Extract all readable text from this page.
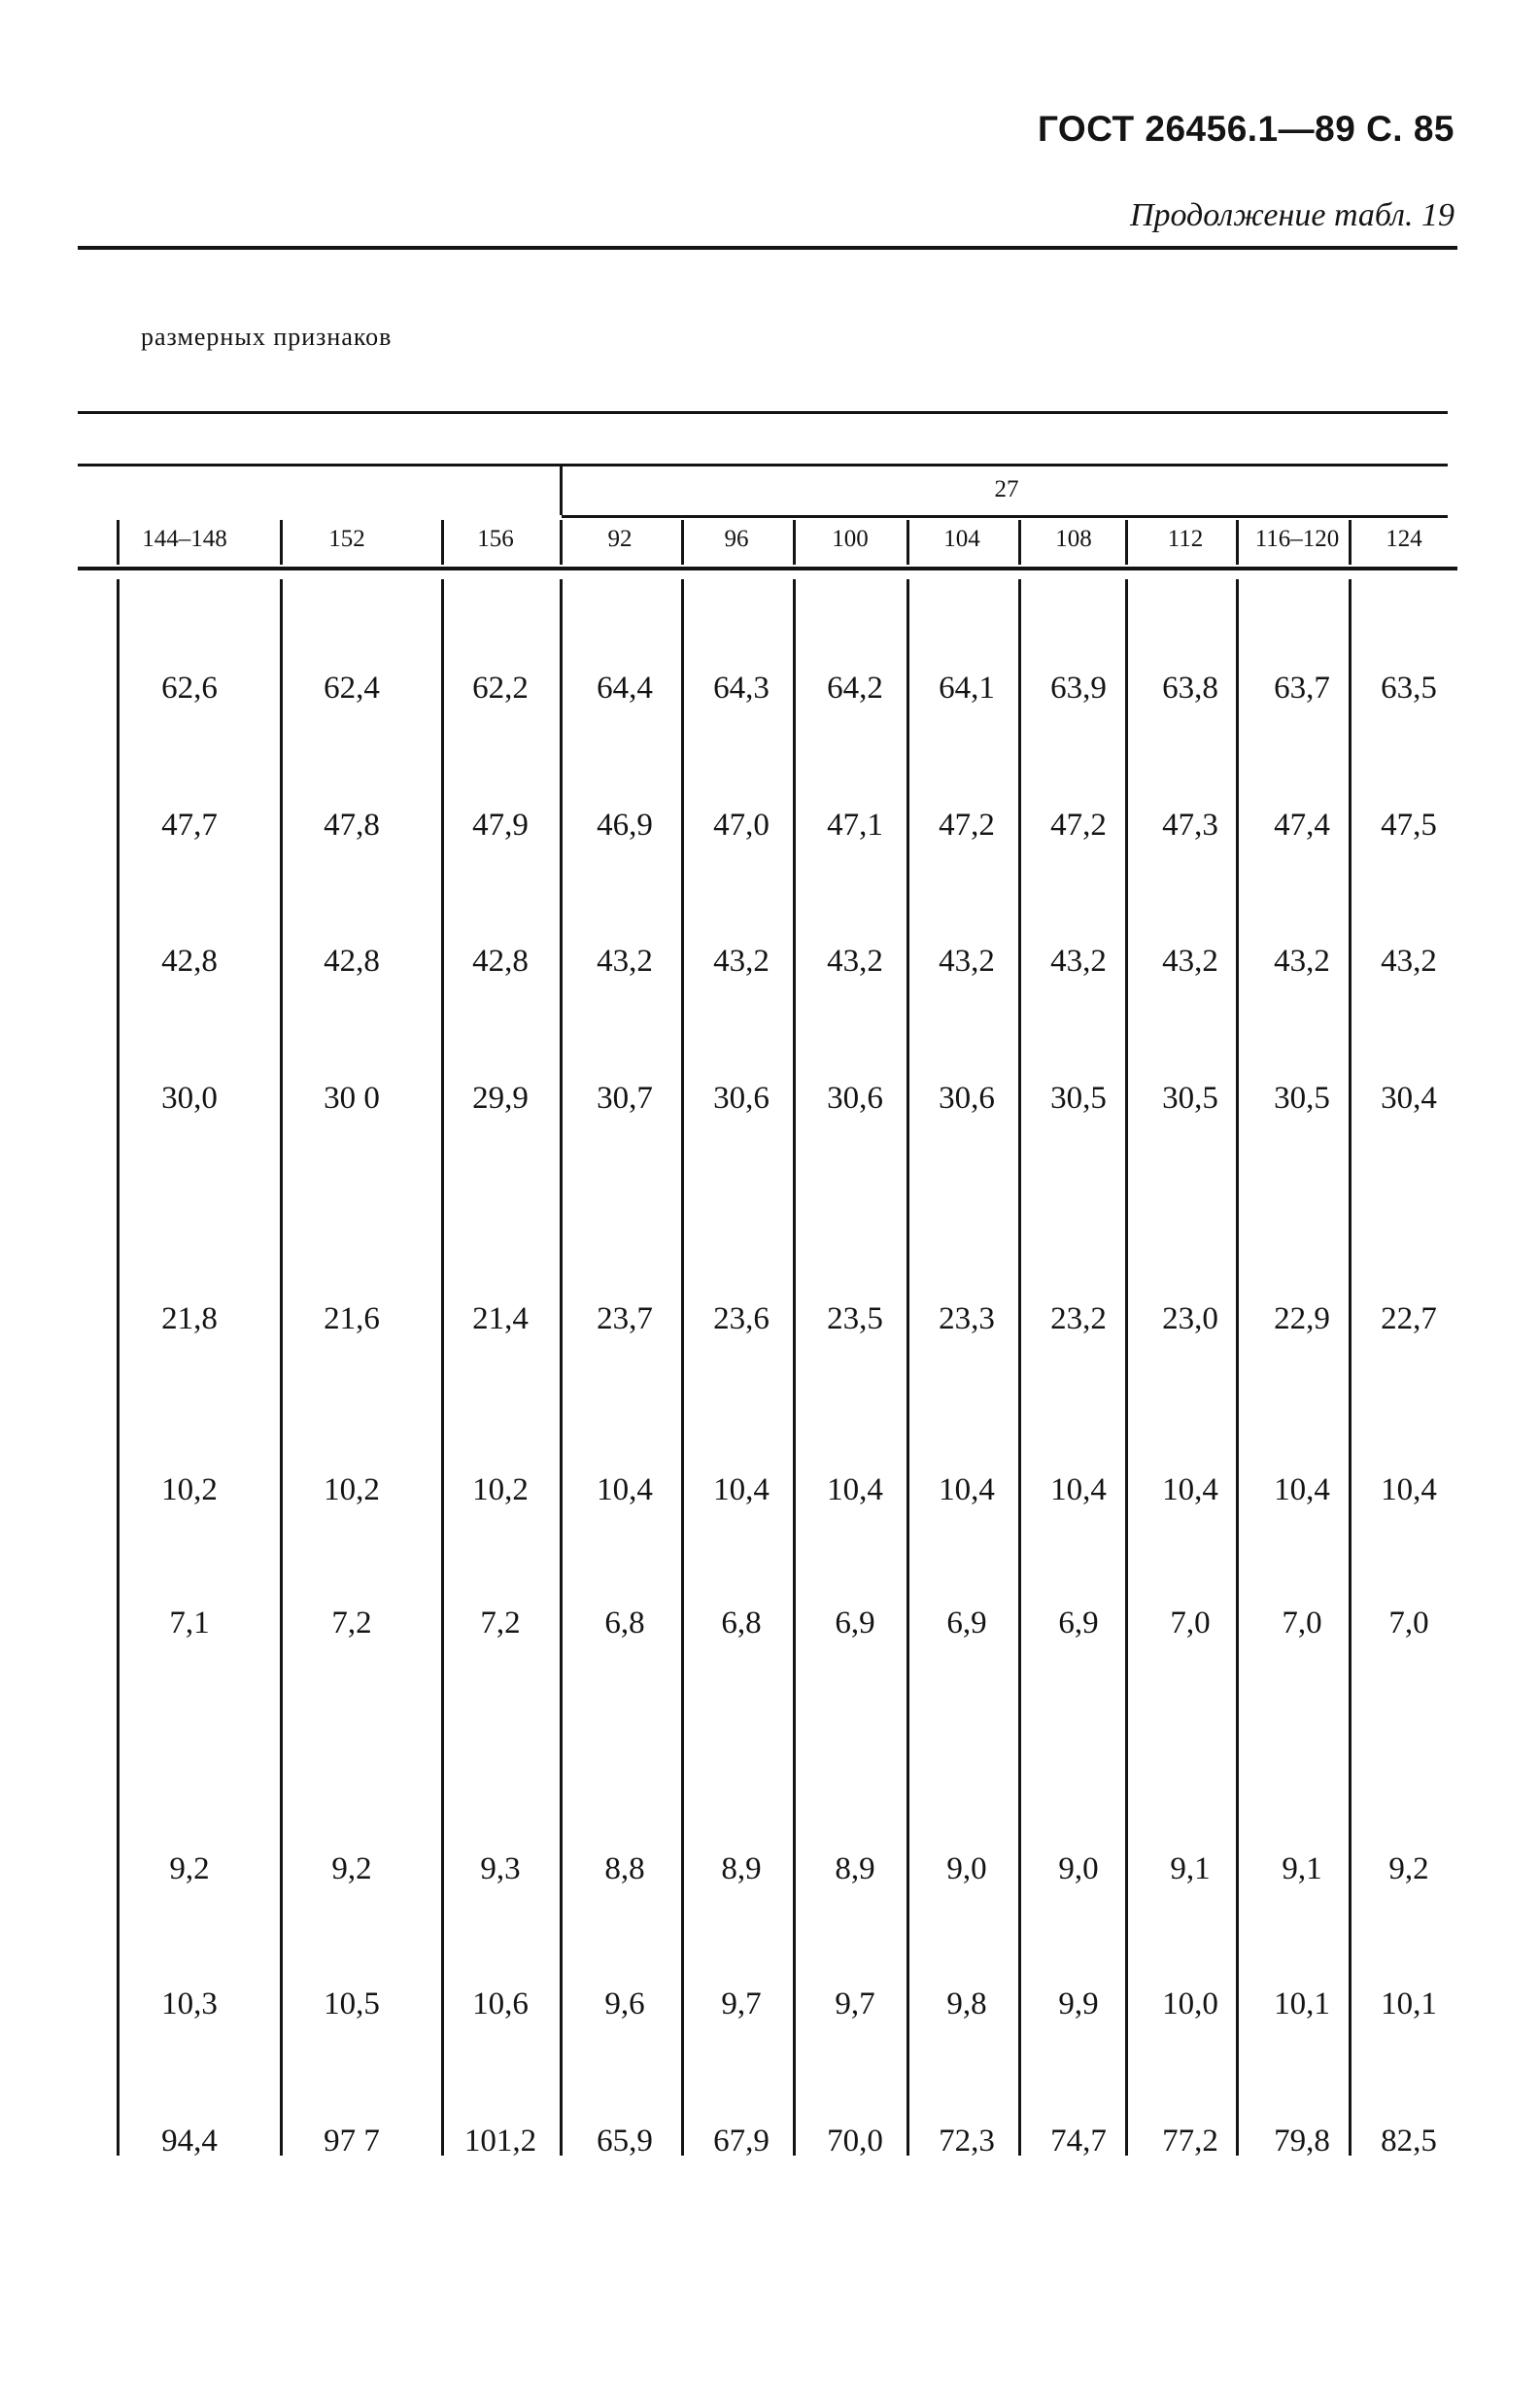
ГОСТ 26456.1—89 С. 85
Продолжение табл. 19
размерных признаков
27
144–148	152	156	92	96	100	104	108	112 116–120 124
62,6	62,4	62,2 64,4 64,3 64,2 64,1 63,9 63,8 63,7 63,5
47,7	47,8	47,9 46,9 47,0 47,1 47,2 47,2 47,3 47,4 47,5
42,8	42,8	42,8 43,2 43,2 43,2 43,2 43,2 43,2 43,2 43,2
30,0	30 0	29,9 30,7 30,6 30,6 30,6 30,5 30,5 30,5 30,4
21,8	21,6	21,4 23,7 23,6 23,5 23,3 23,2 23,0 22,9 22,7
10,2	10,2	10,2 10,4 10,4 10,4 10,4 10,4 10,4 10,4 10,4
7,1	7,2	7,2	6,8 6,8 6,9 6,9 6,9 7,0 7,0 7,0
9,2	9,2	9,3	8,8 8,9 8,9 9,0 9,0 9,1 9,1 9,2
10,3	10,5	10,6 9,6 9,7 9,7 9,8 9,9 10,0 10,1 10,1
94,4	97 7	101,2 65,9 67,9 70,0 72,3 74,7 77,2 79,8 82,5
